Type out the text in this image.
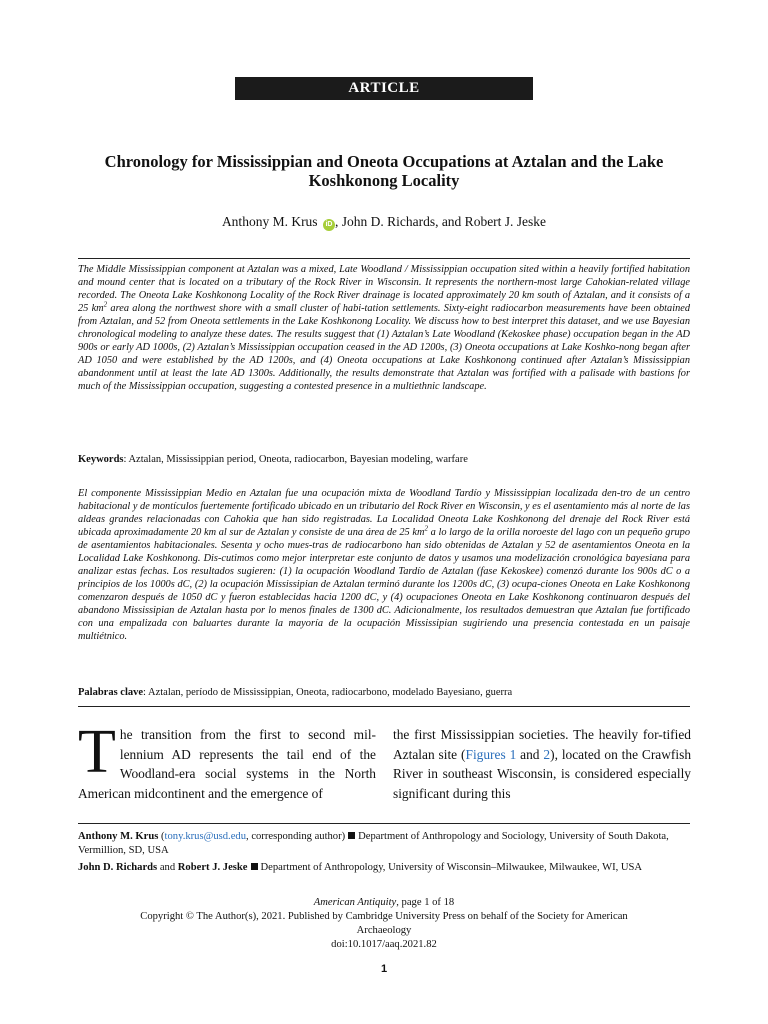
ARTICLE
Chronology for Mississippian and Oneota Occupations at Aztalan and the Lake Koshkonong Locality
Anthony M. Krus iD , John D. Richards, and Robert J. Jeske

The Middle Mississippian component at Aztalan was a mixed, Late Woodland / Mississippian occupation sited within a heavily fortified habitation and mound center that is located on a tributary of the Rock River in Wisconsin. It represents the northern-most large Cahokian-related village recorded. The Oneota Lake Koshkonong Locality of the Rock River drainage is located approximately 20 km south of Aztalan, and it consists of a 25 $km^2$ area along the northwest shore with a small cluster of habi-tation settlements. Sixty-eight radiocarbon measurements have been obtained from Aztalan, and 52 from Oneota settlements in the Lake Koshkonong Locality. We discuss how to best interpret this dataset, and we use Bayesian chronological modeling to analyze these dates. The results suggest that (1) Aztalan’s Late Woodland (Kekoskee phase) occupation began in the AD 900s or early AD 1000s, (2) Aztalan’s Mississippian occupation ceased in the AD 1200s, (3) Oneota occupations at Lake Koshko-nong began after AD 1050 and were established by the AD 1200s, and (4) Oneota occupations at Lake Koshkonong continued after Aztalan’s Mississippian abandonment until at least the late AD 1300s. Additionally, the results demonstrate that Aztalan was fortified with a palisade with bastions for much of the Mississippian occupation, suggesting a contested presence in a multiethnic landscape.

Keywords: Aztalan, Mississippian period, Oneota, radiocarbon, Bayesian modeling, warfare

El componente Mississippian Medio en Aztalan fue una ocupación mixta de Woodland Tardío y Mississippian localizada den-tro de un centro habitacional y de montículos fuertemente fortificado ubicado en un tributario del Rock River en Wisconsin, y es el asentamiento más al norte de las aldeas grandes relacionadas con Cahokia que han sido registradas. La Localidad Oneota Lake Koshkonong del drenaje del Rock River está ubicada aproximadamente 20 km al sur de Aztalan y consiste de una área de 25 $km^2$ a lo largo de la orilla noroeste del lago con un pequeño grupo de asentamientos habitacionales. Sesenta y ocho mues-tras de radiocarbono han sido obtenidas de Aztalan y 52 de asentamientos Oneota en la Localidad Lake Koshkonong. Dis-cutimos como mejor interpretar este conjunto de datos y usamos una modelización cronológica bayesiana para analizar estas fechas. Los resultados sugieren: (1) la ocupación Woodland Tardío de Aztalan (fase Kekoskee) comenzó durante los 900s dC o a principios de los 1000s dC, (2) la ocupación Mississipian de Aztalan terminó durante los 1200s dC, (3) ocupa-ciones Oneota en Lake Koshkonong comenzaron después de 1050 dC y fueron establecidas hacia 1200 dC, y (4) ocupaciones Oneota en Lake Koshkonong continuaron después del abandono Mississipian de Aztalan hasta por lo menos finales de 1300 dC. Adicionalmente, los resultados demuestran que Aztalan fue fortificado con una empalizada con baluartes durante la mayoría de la ocupación Mississipian sugiriendo una presencia contestada en un paisaje multiétnico.

Palabras clave: Aztalan, período de Mississippian, Oneota, radiocarbono, modelado Bayesiano, guerra

The transition from the first to second mil-lennium AD represents the tail end of the Woodland-era social systems in the North American midcontinent and the emergence of

the first Mississippian societies. The heavily for-tified Aztalan site (Figures 1 and 2), located on the Crawfish River in southeast Wisconsin, is considered especially significant during this

Anthony M. Krus (tony.krus@usd.edu, corresponding author) Department of Anthropology and Sociology, University of South Dakota, Vermillion, SD, USA

John D. Richards and Robert J. Jeske Department of Anthropology, University of Wisconsin–Milwaukee, Milwaukee, WI, USA

American Antiquity, page 1 of 18

Copyright © The Author(s), 2021. Published by Cambridge University Press on behalf of the Society for American Archaeology

doi:10.1017/aaq.2021.82

1
